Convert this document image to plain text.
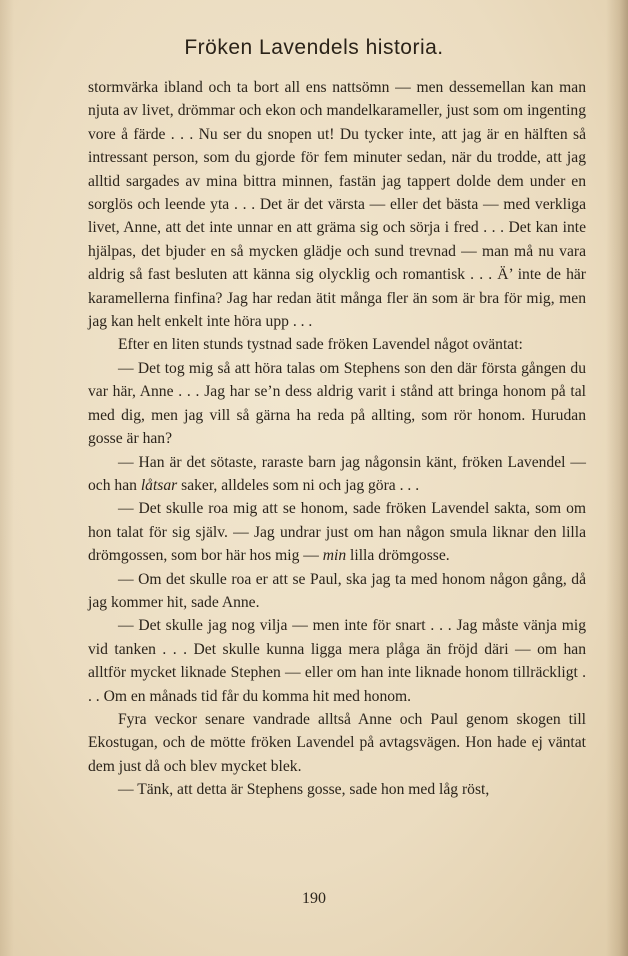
Fröken Lavendels historia.

stormvärka ibland och ta bort all ens nattsömn — men dessemellan kan man njuta av livet, drömmar och ekon och mandelkarameller, just som om ingenting vore å färde . . . Nu ser du snopen ut! Du tycker inte, att jag är en hälften så intressant person, som du gjorde för fem minuter sedan, när du trodde, att jag alltid sargades av mina bittra minnen, fastän jag tappert dolde dem under en sorglös och leende yta . . . Det är det värsta — eller det bästa — med verkliga livet, Anne, att det inte unnar en att gräma sig och sörja i fred . . . Det kan inte hjälpas, det bjuder en så mycken glädje och sund trevnad — man må nu vara aldrig så fast besluten att känna sig olycklig och romantisk . . . Ä’ inte de här karamellerna finfina? Jag har redan ätit många fler än som är bra för mig, men jag kan helt enkelt inte höra upp . . .

Efter en liten stunds tystnad sade fröken Lavendel något oväntat:

— Det tog mig så att höra talas om Stephens son den där första gången du var här, Anne . . . Jag har se’n dess aldrig varit i stånd att bringa honom på tal med dig, men jag vill så gärna ha reda på allting, som rör honom. Hurudan gosse är han?

— Han är det sötaste, raraste barn jag någonsin känt, fröken Lavendel — och han låtsar saker, alldeles som ni och jag göra . . .

— Det skulle roa mig att se honom, sade fröken Lavendel sakta, som om hon talat för sig själv. — Jag undrar just om han någon smula liknar den lilla drömgossen, som bor här hos mig — min lilla drömgosse.

— Om det skulle roa er att se Paul, ska jag ta med honom någon gång, då jag kommer hit, sade Anne.

— Det skulle jag nog vilja — men inte för snart . . . Jag måste vänja mig vid tanken . . . Det skulle kunna ligga mera plåga än fröjd däri — om han alltför mycket liknade Stephen — eller om han inte liknade honom tillräckligt . . . Om en månads tid får du komma hit med honom.

Fyra veckor senare vandrade alltså Anne och Paul genom skogen till Ekostugan, och de mötte fröken Lavendel på avtagsvägen. Hon hade ej väntat dem just då och blev mycket blek.

— Tänk, att detta är Stephens gosse, sade hon med låg röst,

190
